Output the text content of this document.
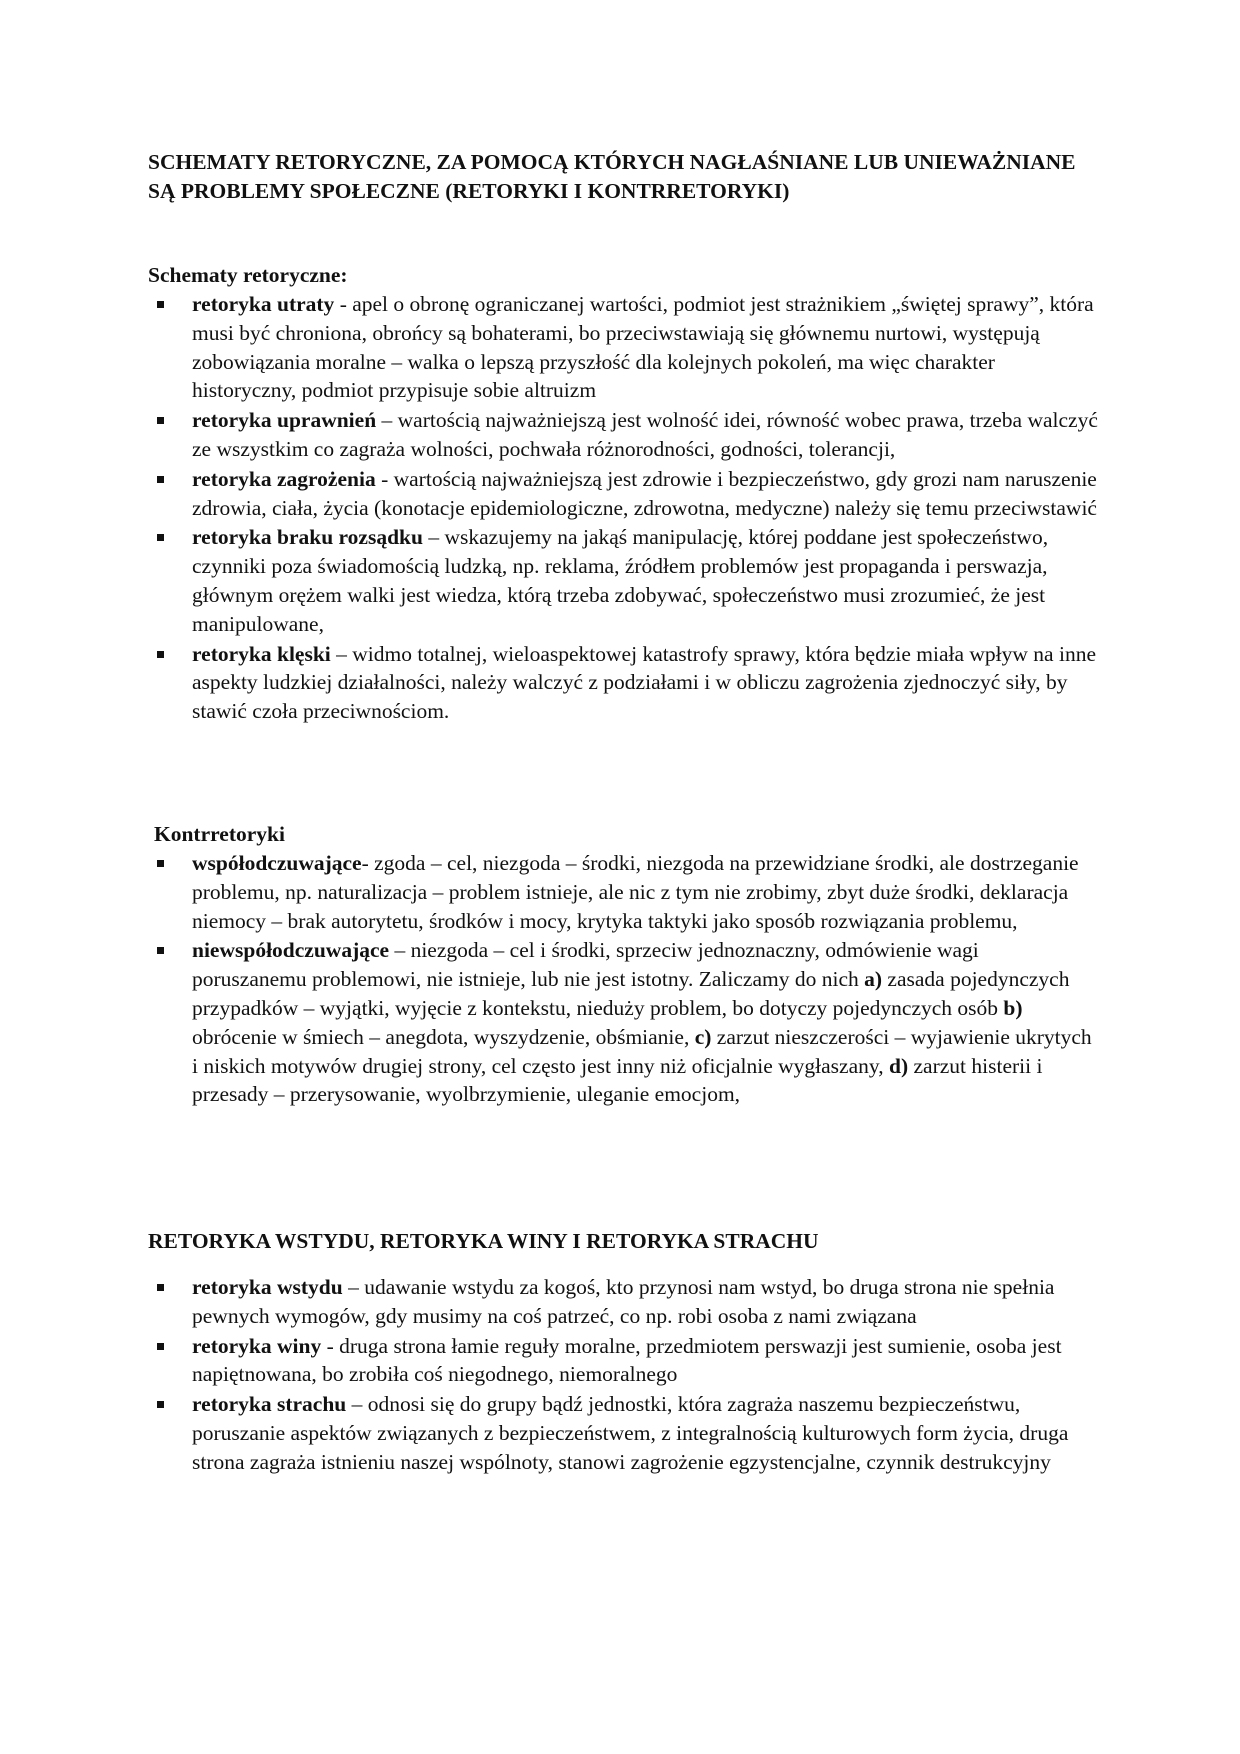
SCHEMATY RETORYCZNE, ZA POMOCĄ KTÓRYCH NAGŁAŚNIANE LUB UNIEWAŻNIANE SĄ PROBLEMY SPOŁECZNE (RETORYKI I KONTRRETORYKI)

Schematy retoryczne:

retoryka utraty - apel o obronę ograniczanej wartości, podmiot jest strażnikiem „świętej sprawy”, która musi być chroniona, obrońcy są bohaterami, bo przeciwstawiają się głównemu nurtowi, występują zobowiązania moralne – walka o lepszą przyszłość dla kolejnych pokoleń, ma więc charakter historyczny, podmiot przypisuje sobie altruizm
retoryka uprawnień – wartością najważniejszą jest wolność idei, równość wobec prawa, trzeba walczyć ze wszystkim co zagraża wolności, pochwała różnorodności, godności, tolerancji,
retoryka zagrożenia - wartością najważniejszą jest zdrowie i bezpieczeństwo, gdy grozi nam naruszenie zdrowia, ciała, życia (konotacje epidemiologiczne, zdrowotna, medyczne) należy się temu przeciwstawić
retoryka braku rozsądku – wskazujemy na jakąś manipulację, której poddane jest społeczeństwo, czynniki poza świadomością ludzką, np. reklama, źródłem problemów jest propaganda i perswazja, głównym orężem walki jest wiedza, którą trzeba zdobywać, społeczeństwo musi zrozumieć, że jest manipulowane,
retoryka klęski – widmo totalnej, wieloaspektowej katastrofy sprawy, która będzie miała wpływ na inne aspekty ludzkiej działalności, należy walczyć z podziałami i w obliczu zagrożenia zjednoczyć siły, by stawić czoła przeciwnościom.

Kontrretoryki

współodczuwające- zgoda – cel, niezgoda – środki, niezgoda na przewidziane środki, ale dostrzeganie problemu, np. naturalizacja – problem istnieje, ale nic z tym nie zrobimy, zbyt duże środki, deklaracja niemocy – brak autorytetu, środków i mocy, krytyka taktyki jako sposób rozwiązania problemu,
niewspółodczuwające – niezgoda – cel i środki, sprzeciw jednoznaczny, odmówienie wagi poruszanemu problemowi, nie istnieje, lub nie jest istotny. Zaliczamy do nich a) zasada pojedynczych przypadków – wyjątki, wyjęcie z kontekstu, nieduży problem, bo dotyczy pojedynczych osób b) obrócenie w śmiech – anegdota, wyszydzenie, obśmianie, c) zarzut nieszczerości – wyjawienie ukrytych i niskich motywów drugiej strony, cel często jest inny niż oficjalnie wygłaszany, d) zarzut histerii i przesady – przerysowanie, wyolbrzymienie, uleganie emocjom,

RETORYKA WSTYDU, RETORYKA WINY I RETORYKA STRACHU

retoryka wstydu – udawanie wstydu za kogoś, kto przynosi nam wstyd, bo druga strona nie spełnia pewnych wymogów, gdy musimy na coś patrzeć, co np. robi osoba z nami związana
retoryka winy - druga strona łamie reguły moralne, przedmiotem perswazji jest sumienie, osoba jest napiętnowana, bo zrobiła coś niegodnego, niemoralnego
retoryka strachu – odnosi się do grupy bądź jednostki, która zagraża naszemu bezpieczeństwu, poruszanie aspektów związanych z bezpieczeństwem, z integralnością kulturowych form życia, druga strona zagraża istnieniu naszej wspólnoty, stanowi zagrożenie egzystencjalne, czynnik destrukcyjny
